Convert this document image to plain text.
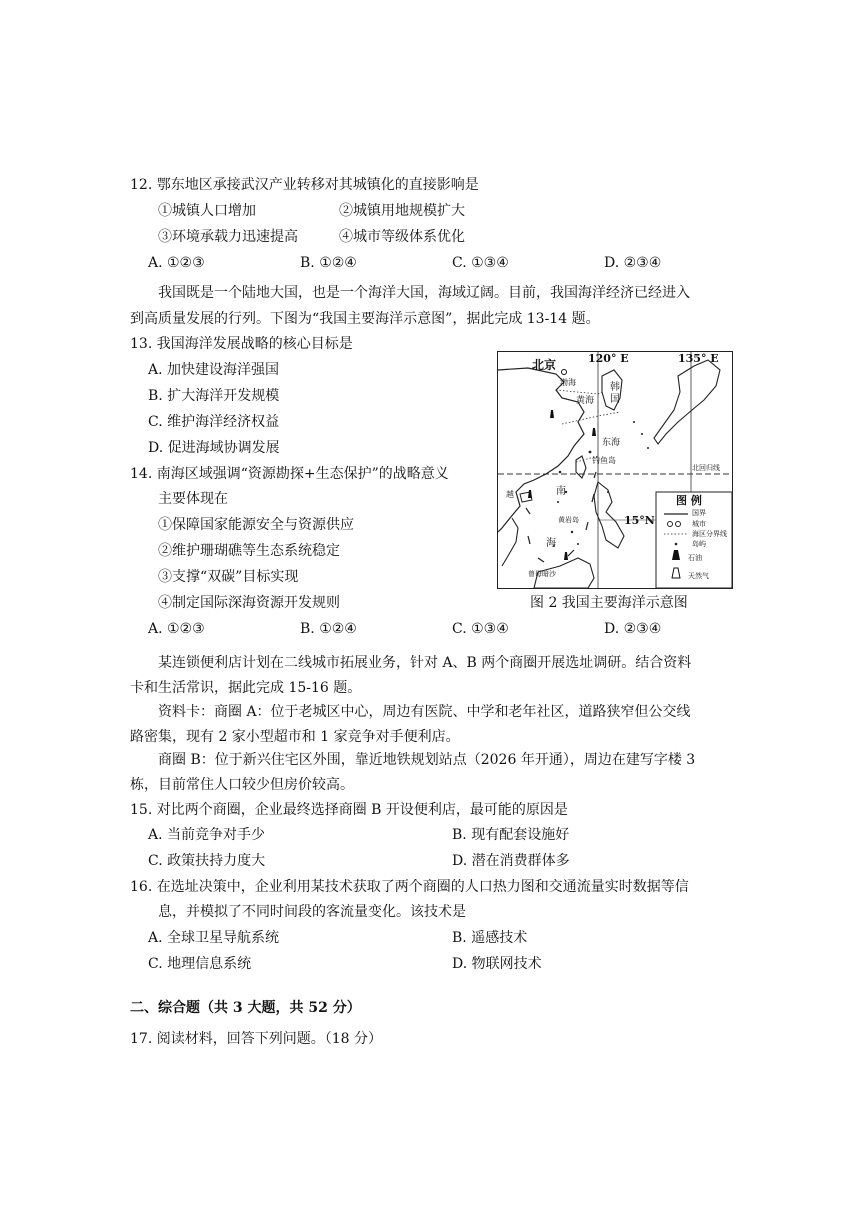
12. 鄂东地区承接武汉产业转移对其城镇化的直接影响是
①城镇人口增加	②城镇用地规模扩大
③环境承载力迅速提高	④城市等级体系优化
A. ①②③	B. ①②④	C. ①③④	D. ②③④
我国既是一个陆地大国，也是一个海洋大国，海域辽阔。目前，我国海洋经济已经进入
到高质量发展的行列。下图为“我国主要海洋示意图”，据此完成 13-14 题。
13. 我国海洋发展战略的核心目标是
A. 加快建设海洋强国
B. 扩大海洋开发规模
C. 维护海洋经济权益
D. 促进海域协调发展
14. 南海区域强调“资源勘探+生态保护”的战略意义
主要体现在
①保障国家能源安全与资源供应
②维护珊瑚礁等生态系统稳定
③支撑“双碳”目标实现
④制定国际深海资源开发规则
A. ①②③	B. ①②④	C. ①③④	D. ②③④
北京	120° E	135° E
渤海
黄海
韩
国
东海
钓鱼岛
北回归线
南
海
黄岩岛	15°N
曾母暗沙
越	图 例
国界
城市
海区分界线
岛屿
石油
天然气
图 2 我国主要海洋示意图
某连锁便利店计划在二线城市拓展业务，针对 A、B 两个商圈开展选址调研。结合资料
卡和生活常识，据此完成 15-16 题。
资料卡：商圈 A：位于老城区中心，周边有医院、中学和老年社区，道路狭窄但公交线
路密集，现有 2 家小型超市和 1 家竞争对手便利店。
商圈 B：位于新兴住宅区外围，靠近地铁规划站点（2026 年开通），周边在建写字楼 3
栋，目前常住人口较少但房价较高。
15. 对比两个商圈，企业最终选择商圈 B 开设便利店，最可能的原因是
A. 当前竞争对手少	B. 现有配套设施好
C. 政策扶持力度大	D. 潜在消费群体多
16. 在选址决策中，企业利用某技术获取了两个商圈的人口热力图和交通流量实时数据等信
息，并模拟了不同时间段的客流量变化。该技术是
A. 全球卫星导航系统	B. 遥感技术
C. 地理信息系统	D. 物联网技术
二、综合题（共 3 大题，共 52 分）
17. 阅读材料，回答下列问题。（18 分）
